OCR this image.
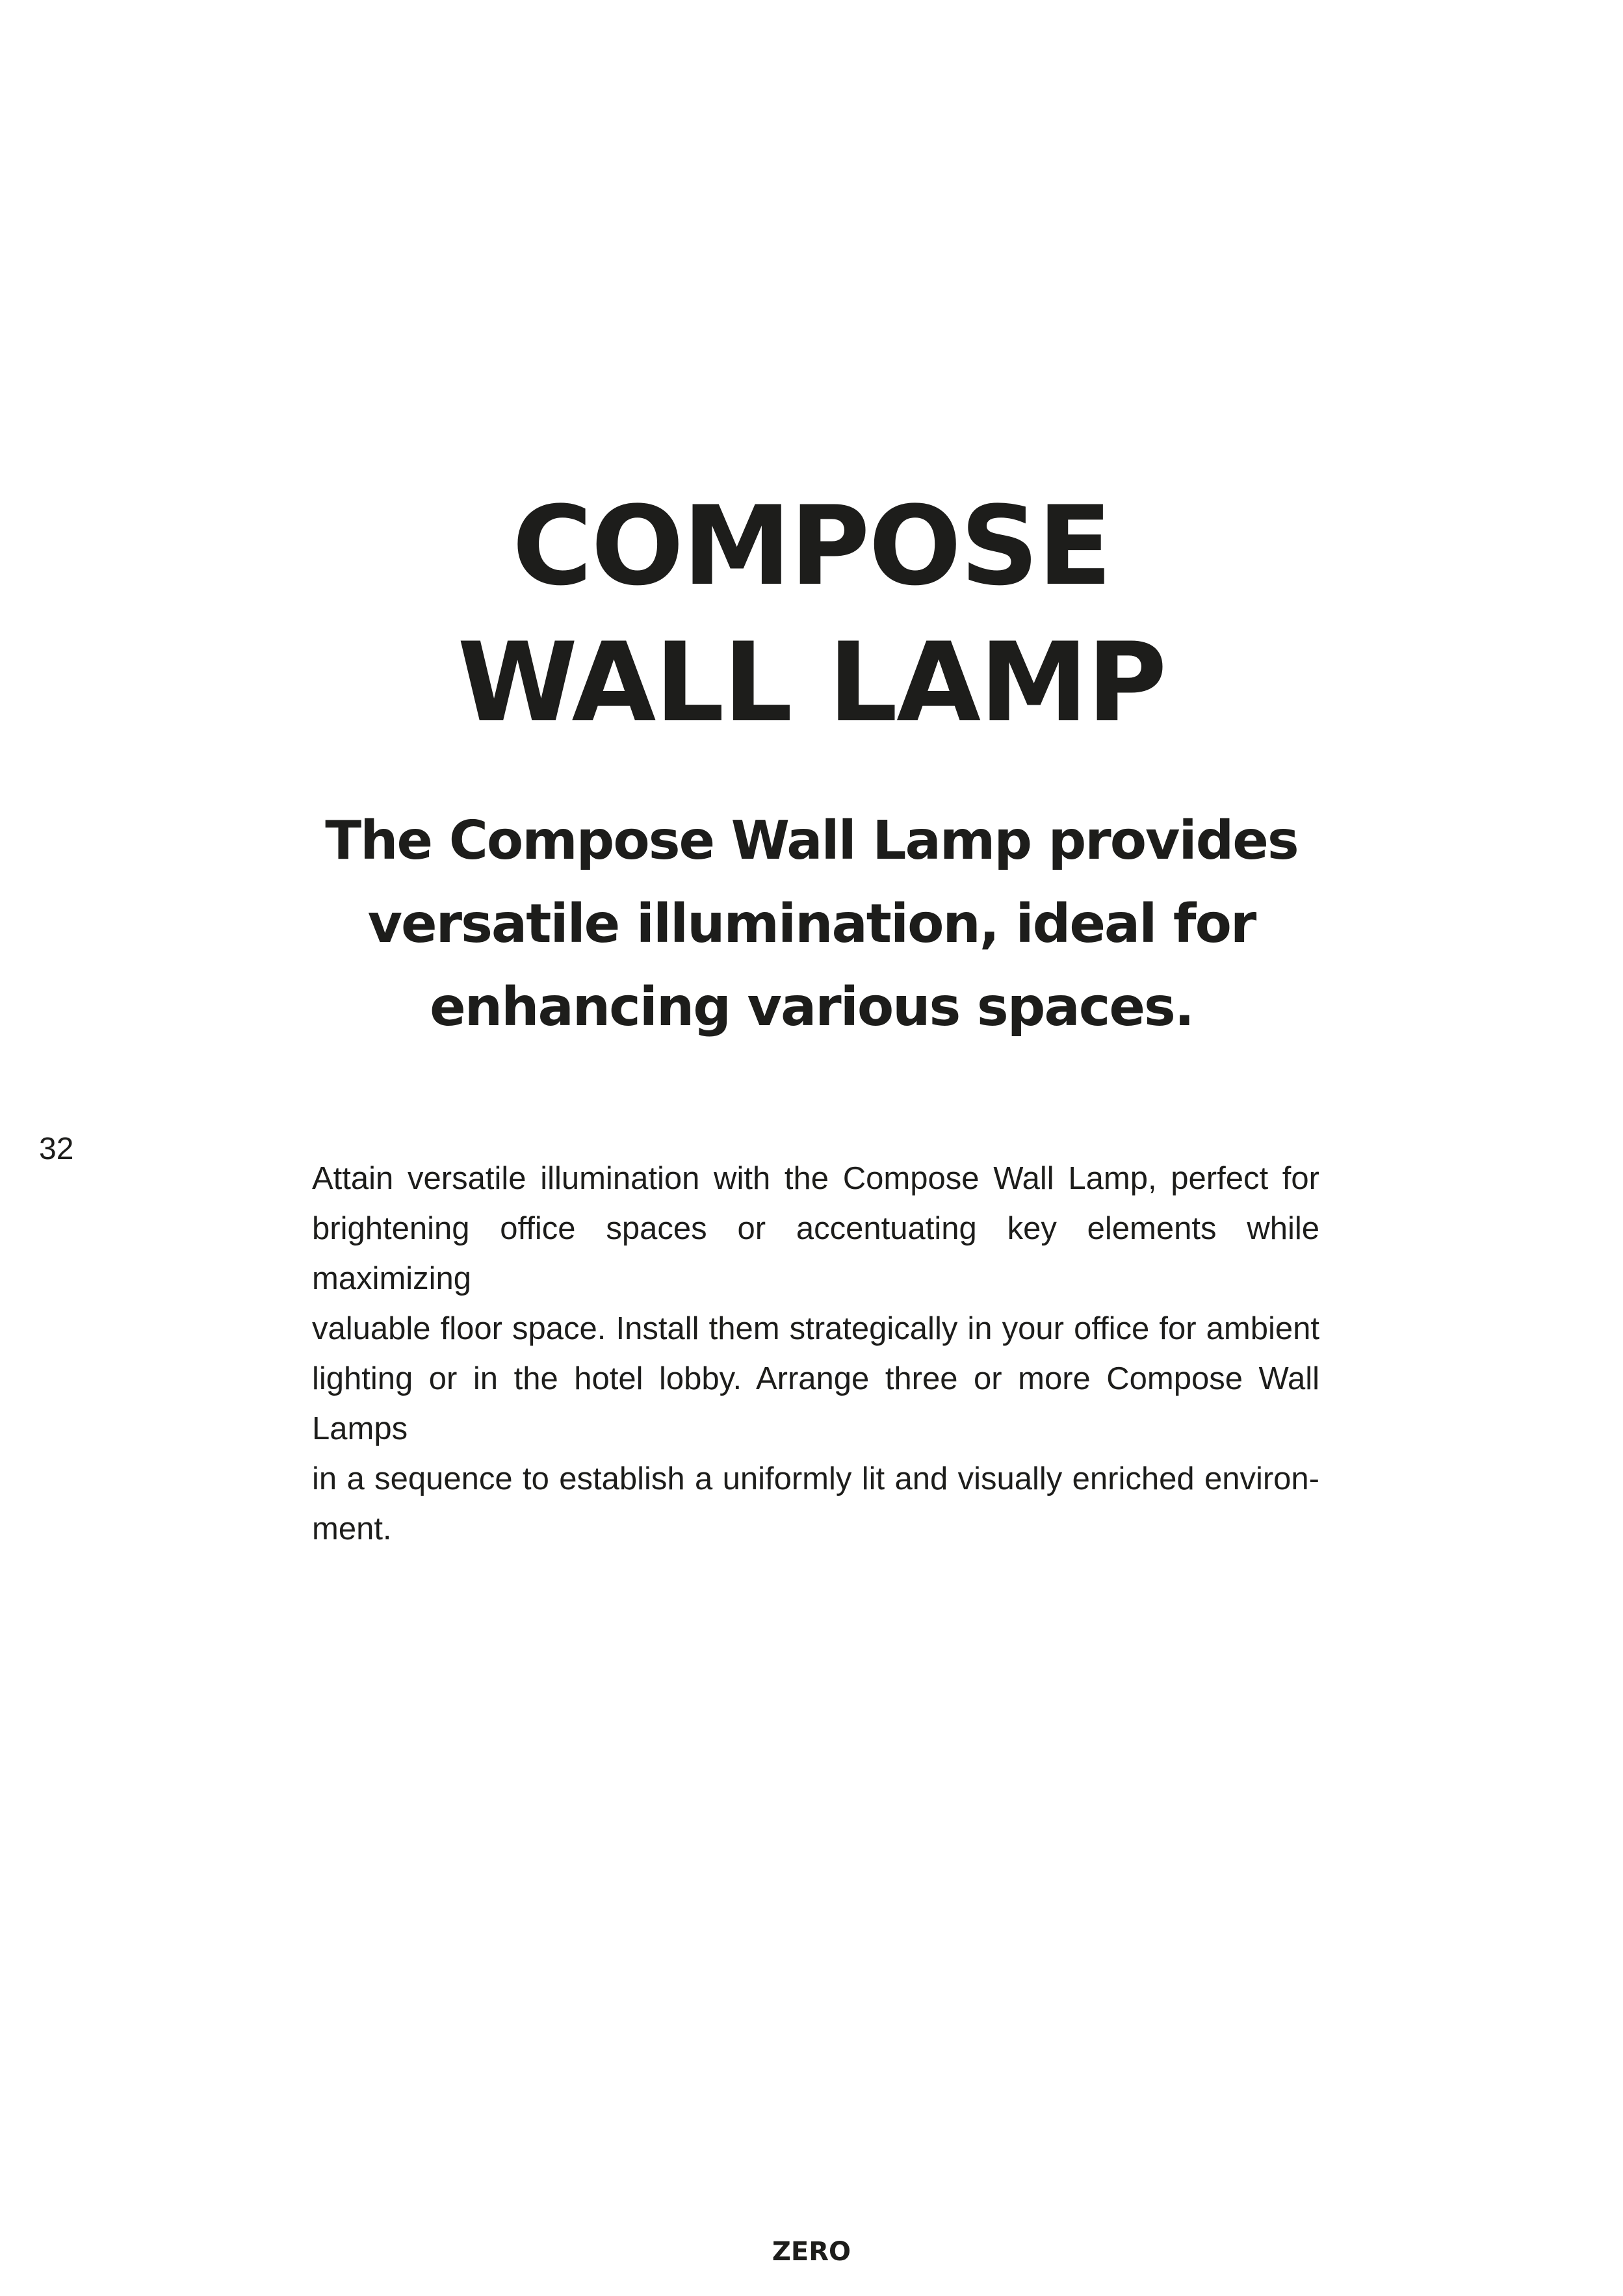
COMPOSE
WALL LAMP
The Compose Wall Lamp provides
versatile illumination, ideal for
enhancing various spaces.
32

Attain versatile illumination with the Compose Wall Lamp, perfect for
brightening office spaces or accentuating key elements while maximizing
valuable floor space. Install them strategically in your office for ambient
lighting or in the hotel lobby. Arrange three or more Compose Wall Lamps
in a sequence to establish a uniformly lit and visually enriched environ-
ment.

ZERO
